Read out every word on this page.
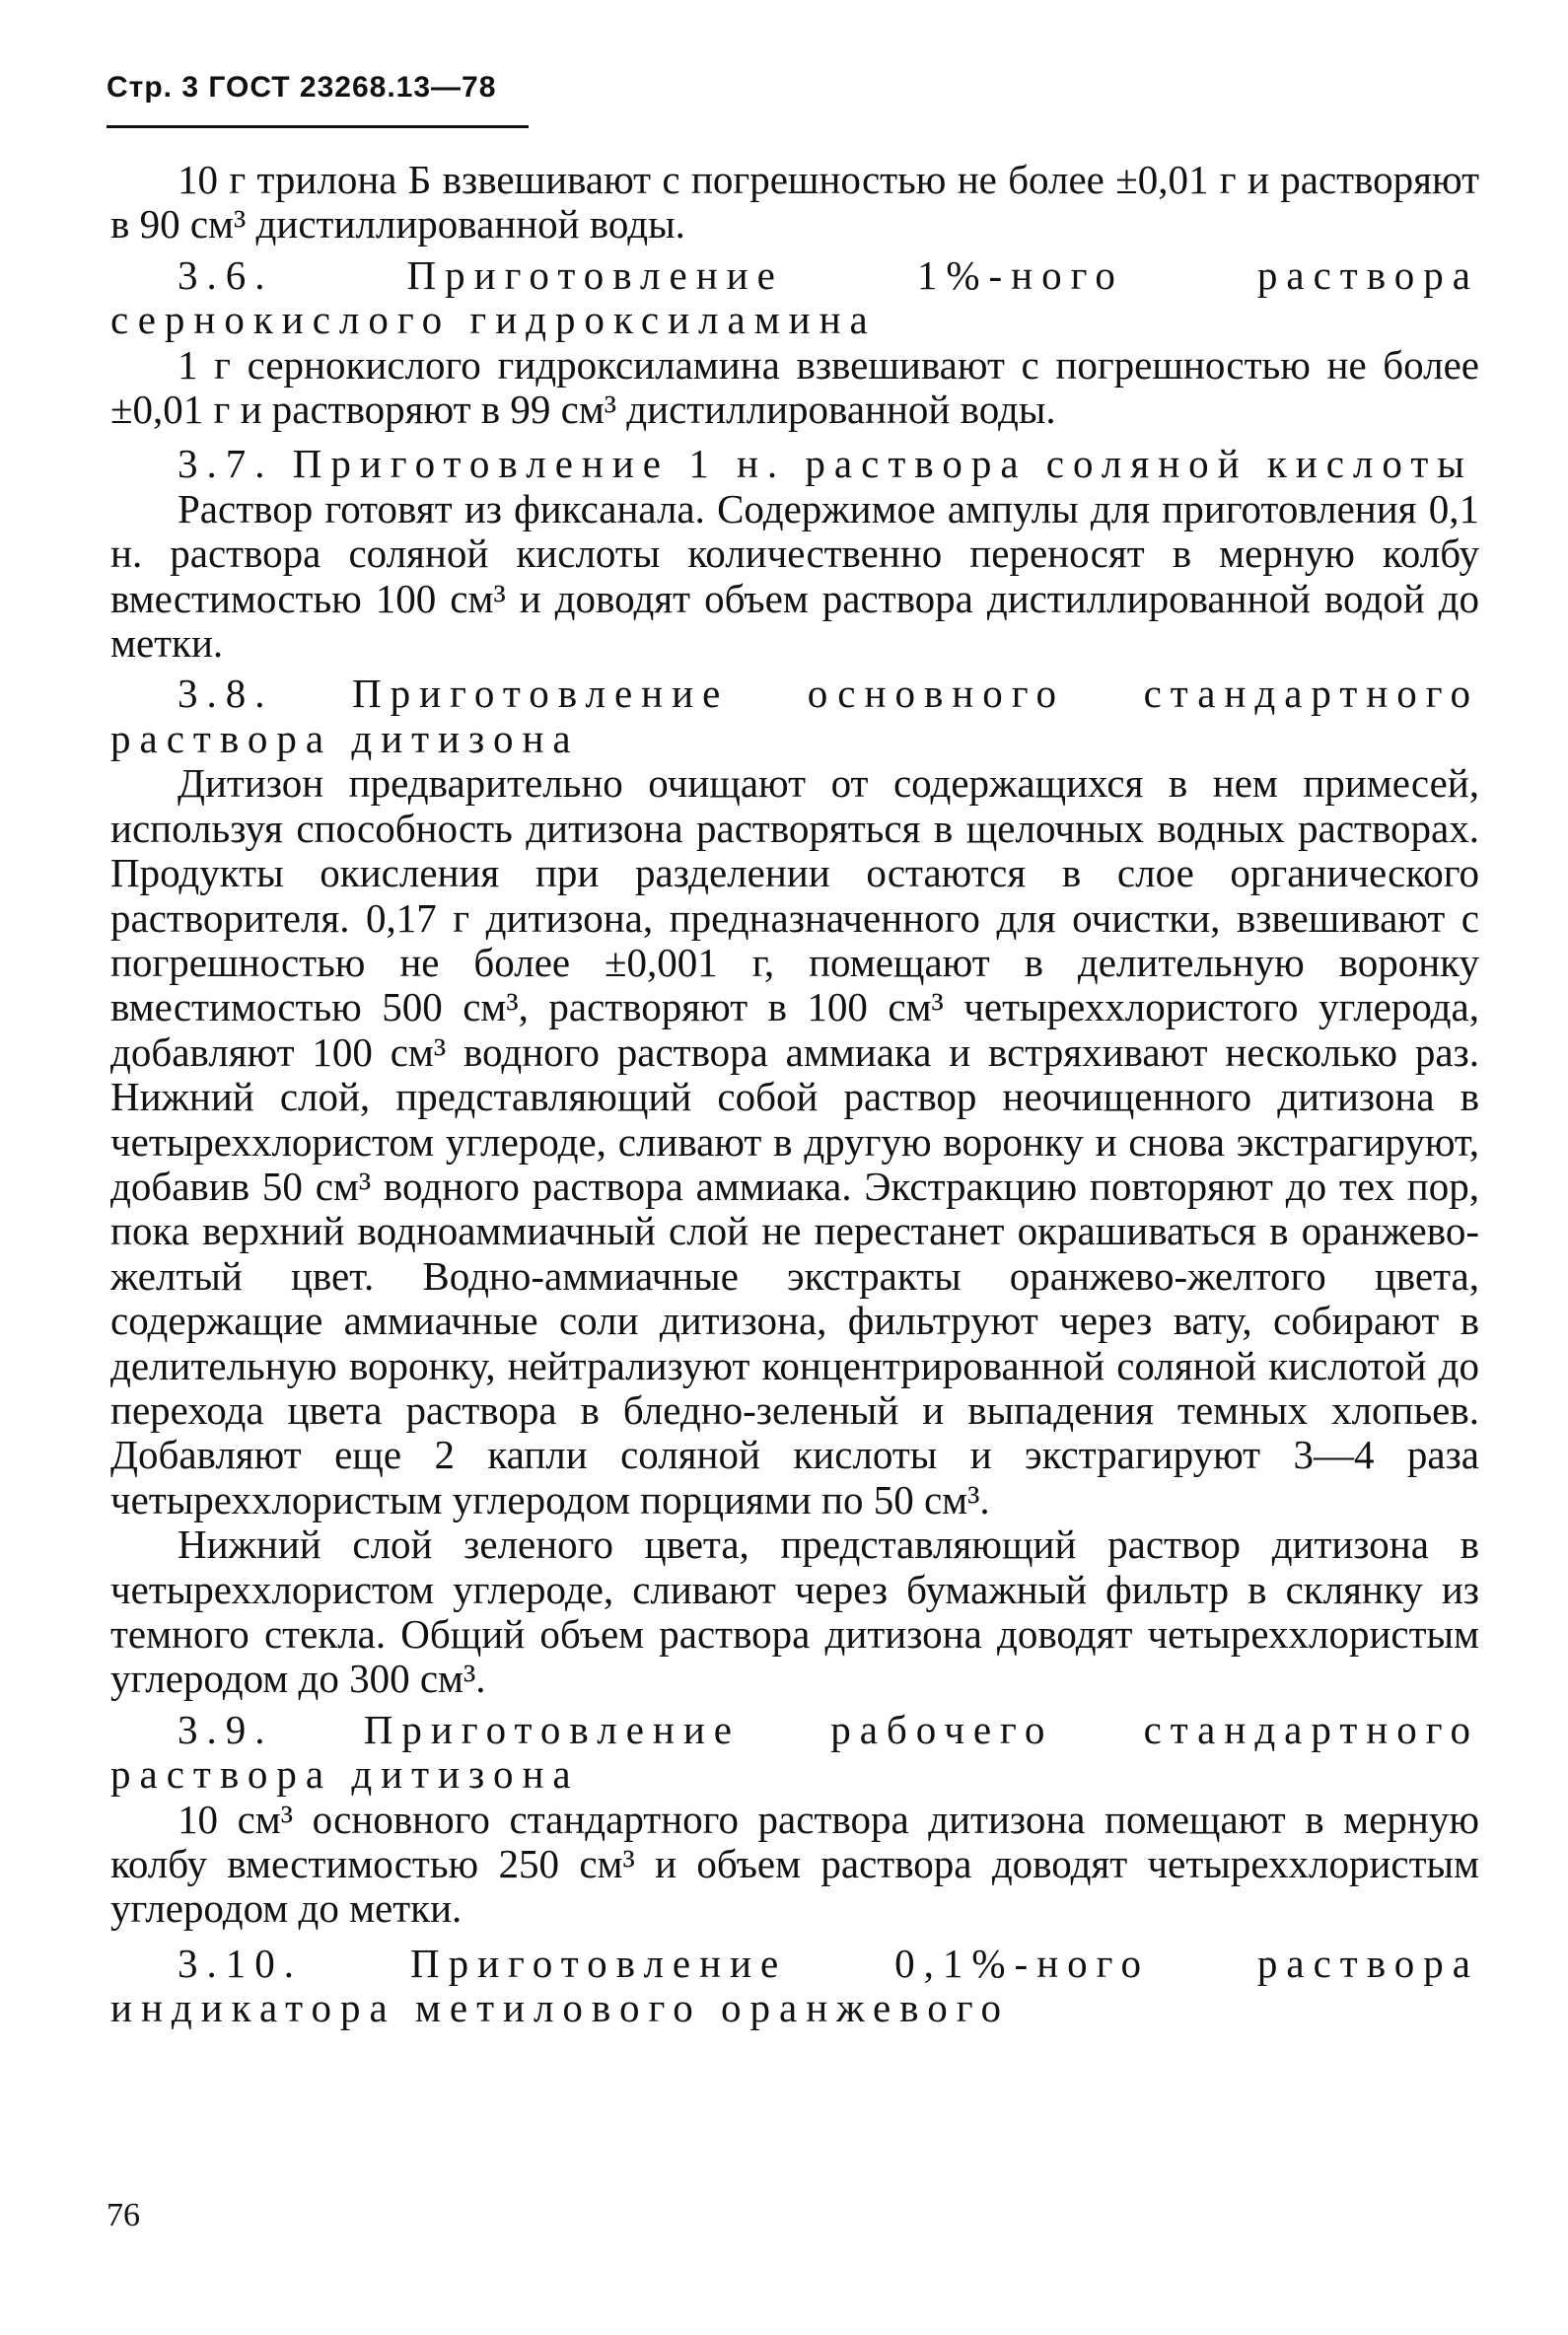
Стр. 3 ГОСТ 23268.13—78

10 г трилона Б взвешивают с погрешностью не более ±0,01 г и растворяют в 90 см³ дистиллированной воды.

3.6. Приготовление 1%-ного раствора сернокислого гидроксиламина

1 г сернокислого гидроксиламина взвешивают с погрешностью не более ±0,01 г и растворяют в 99 см³ дистиллированной воды.

3.7. Приготовление 1 н. раствора соляной кислоты

Раствор готовят из фиксанала. Содержимое ампулы для приготовления 0,1 н. раствора соляной кислоты количественно переносят в мерную колбу вместимостью 100 см³ и доводят объем раствора дистиллированной водой до метки.

3.8. Приготовление основного стандартного раствора дитизона

Дитизон предварительно очищают от содержащихся в нем примесей, используя способность дитизона растворяться в щелочных водных растворах. Продукты окисления при разделении остаются в слое органического растворителя. 0,17 г дитизона, предназначенного для очистки, взвешивают с погрешностью не более ±0,001 г, помещают в делительную воронку вместимостью 500 см³, растворяют в 100 см³ четыреххлористого углерода, добавляют 100 см³ водного раствора аммиака и встряхивают несколько раз. Нижний слой, представляющий собой раствор неочищенного дитизона в четыреххлористом углероде, сливают в другую воронку и снова экстрагируют, добавив 50 см³ водного раствора аммиака. Экстракцию повторяют до тех пор, пока верхний водноаммиачный слой не перестанет окрашиваться в оранжево-желтый цвет. Водно-аммиачные экстракты оранжево-желтого цвета, содержащие аммиачные соли дитизона, фильтруют через вату, собирают в делительную воронку, нейтрализуют концентрированной соляной кислотой до перехода цвета раствора в бледно-зеленый и выпадения темных хлопьев. Добавляют еще 2 капли соляной кислоты и экстрагируют 3—4 раза четыреххлористым углеродом порциями по 50 см³.

Нижний слой зеленого цвета, представляющий раствор дитизона в четыреххлористом углероде, сливают через бумажный фильтр в склянку из темного стекла. Общий объем раствора дитизона доводят четыреххлористым углеродом до 300 см³.

3.9. Приготовление рабочего стандартного раствора дитизона

10 см³ основного стандартного раствора дитизона помещают в мерную колбу вместимостью 250 см³ и объем раствора доводят четыреххлористым углеродом до метки.

3.10. Приготовление 0,1%-ного раствора индикатора метилового оранжевого

76
